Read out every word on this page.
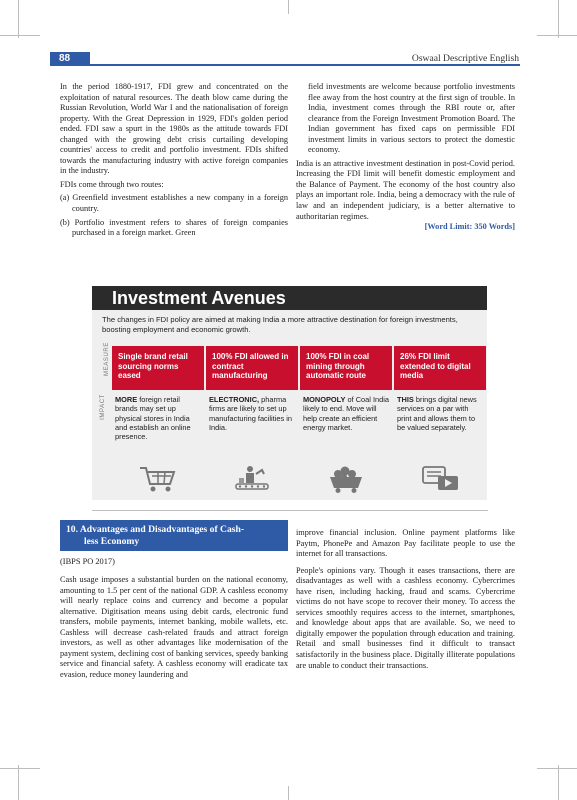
88	Oswaal Descriptive English

In the period 1880-1917, FDI grew and concentrated on the exploitation of natural resources. The death blow came during the Russian Revolution, World War I and the nationalisation of foreign property. With the Great Depression in 1929, FDI's golden period ended. FDI saw a spurt in the 1980s as the attitude towards FDI changed with the growing debt crisis curtailing developing countries' access to credit and portfolio investment. FDIs shifted towards the manufacturing industry with active foreign companies in the industry.

FDIs come through two routes:

(a) Greenfield investment establishes a new company in a foreign country.

(b) Portfolio investment refers to shares of foreign companies purchased in a foreign market. Green

field investments are welcome because portfolio investments flee away from the host country at the first sign of trouble. In India, investment comes through the RBI route or, after clearance from the Foreign Investment Promotion Board. The Indian government has fixed caps on permissible FDI investment limits in various sectors to protect the domestic economy.

India is an attractive investment destination in post-Covid period. Increasing the FDI limit will benefit domestic employment and the Balance of Payment. The economy of the host country also plays an important role. India, being a democracy with the rule of law and an independent judiciary, is a better alternative to authoritarian regimes.

[Word Limit: 350 Words]

Investment Avenues
The changes in FDI policy are aimed at making India a more attractive destination for foreign investments, boosting employment and economic growth.
MEASURE
IMPACT
Single brand retail sourcing norms eased
MORE foreign retail brands may set up physical stores in India and establish an online presence.
100% FDI allowed in contract manufacturing
ELECTRONIC, pharma firms are likely to set up manufacturing facilities in India.
100% FDI in coal mining through automatic route
MONOPOLY of Coal India likely to end. Move will help create an efficient energy market.
26% FDI limit extended to digital media
THIS brings digital news services on a par with print and allows them to be valued separately.
10. Advantages and Disadvantages of Cash-
less Economy
(IBPS PO 2017)

Cash usage imposes a substantial burden on the national economy, amounting to 1.5 per cent of the national GDP. A cashless economy will nearly replace coins and currency and become a popular alternative. Digitisation means using debit cards, electronic fund transfers, mobile payments, internet banking, mobile wallets, etc. Cashless will decrease cash-related frauds and attract foreign investors, as well as other advantages like modernisation of the payment system, declining cost of banking services, speedy banking service and financial safety. A cashless economy will eradicate tax evasion, reduce money laundering and

improve financial inclusion. Online payment platforms like Paytm, PhonePe and Amazon Pay facilitate people to use the internet for all transactions.

People's opinions vary. Though it eases transactions, there are disadvantages as well with a cashless economy. Cybercrimes have risen, including hacking, fraud and scams. Cybercrime victims do not have scope to recover their money. To access the services smoothly requires access to the internet, smartphones, and knowledge about apps that are available. So, we need to digitally empower the population through education and training. Retail and small businesses find it difficult to transact satisfactorily in the business place. Digitally illiterate populations are unable to conduct their transactions.
